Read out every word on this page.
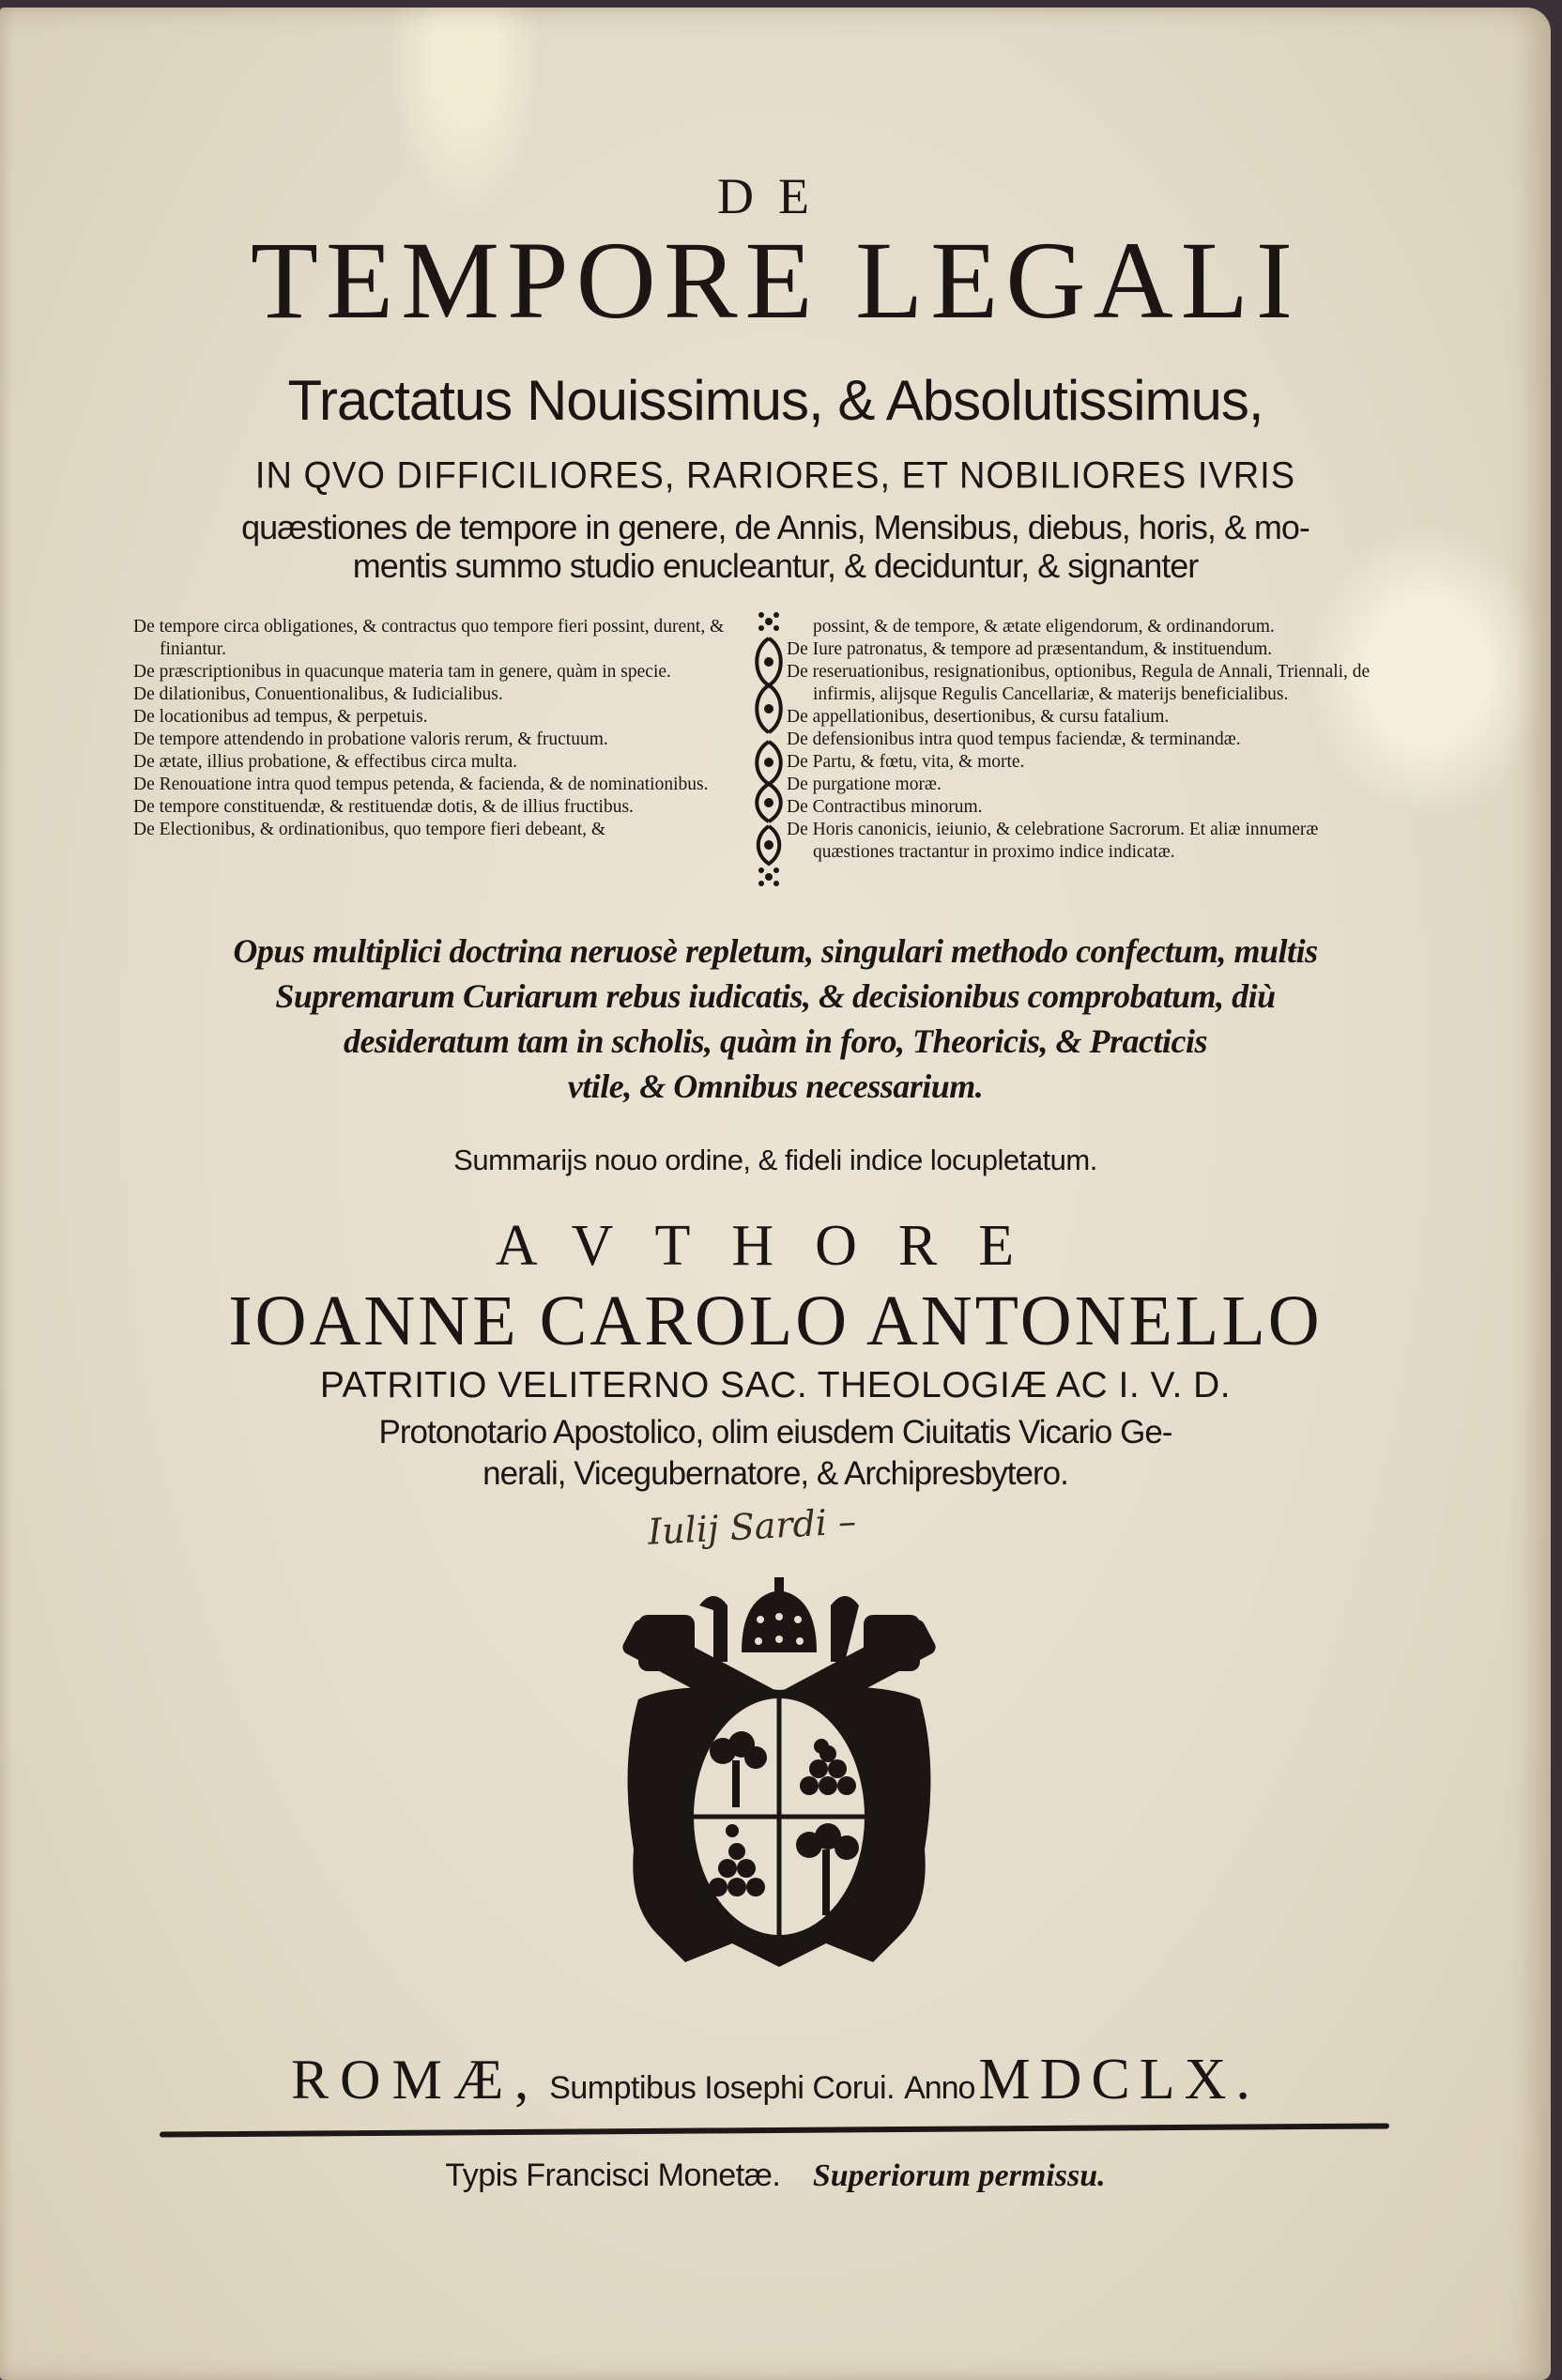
DE
TEMPORE LEGALI
Tractatus Nouissimus, & Absolutissimus,
IN QVO DIFFICILIORES, RARIORES, ET NOBILIORES IVRIS
quæstiones de tempore in genere, de Annis, Mensibus, diebus, horis, & mo-
mentis summo studio enucleantur, & deciduntur, & signanter

De tempore circa obligationes, & contractus quo tempore fieri possint, durent, & finiantur.

De præscriptionibus in quacunque materia tam in genere, quàm in specie.

De dilationibus, Conuentionalibus, & Iudicialibus.

De locationibus ad tempus, & perpetuis.

De tempore attendendo in probatione valoris rerum, & fructuum.

De ætate, illius probatione, & effectibus circa multa.

De Renouatione intra quod tempus petenda, & facienda, & de nominationibus.

De tempore constituendæ, & restituendæ dotis, & de illius fructibus.

De Electionibus, & ordinationibus, quo tempore fieri debeant, &

possint, & de tempore, & ætate eligendorum, & ordinandorum.

De Iure patronatus, & tempore ad præsentandum, & instituendum.

De reseruationibus, resignationibus, optionibus, Regula de Annali, Triennali, de infirmis, alijsque Regulis Cancellariæ, & materijs beneficialibus.

De appellationibus, desertionibus, & cursu fatalium.

De defensionibus intra quod tempus faciendæ, & terminandæ.

De Partu, & fœtu, vita, & morte.

De purgatione moræ.

De Contractibus minorum.

De Horis canonicis, ieiunio, & celebratione Sacrorum. Et aliæ innumeræ quæstiones tractantur in proximo indice indicatæ.

Opus multiplici doctrina neruosè repletum, singulari methodo confectum, multis
Supremarum Curiarum rebus iudicatis, & decisionibus comprobatum, diù
desideratum tam in scholis, quàm in foro, Theoricis, & Practicis
vtile, & Omnibus necessarium.
Summarijs nouo ordine, & fideli indice locupletatum.
AVTHORE
IOANNE CAROLO ANTONELLO
PATRITIO VELITERNO SAC. THEOLOGIÆ AC I. V. D.
Protonotario Apostolico, olim eiusdem Ciuitatis Vicario Ge-
nerali, Vicegubernatore, & Archipresbytero.
Iulij Sardi –
ROMÆ, Sumptibus Iosephi Corui. Anno MDCLX.
Typis Francisci Monetæ. Superiorum permissu.
